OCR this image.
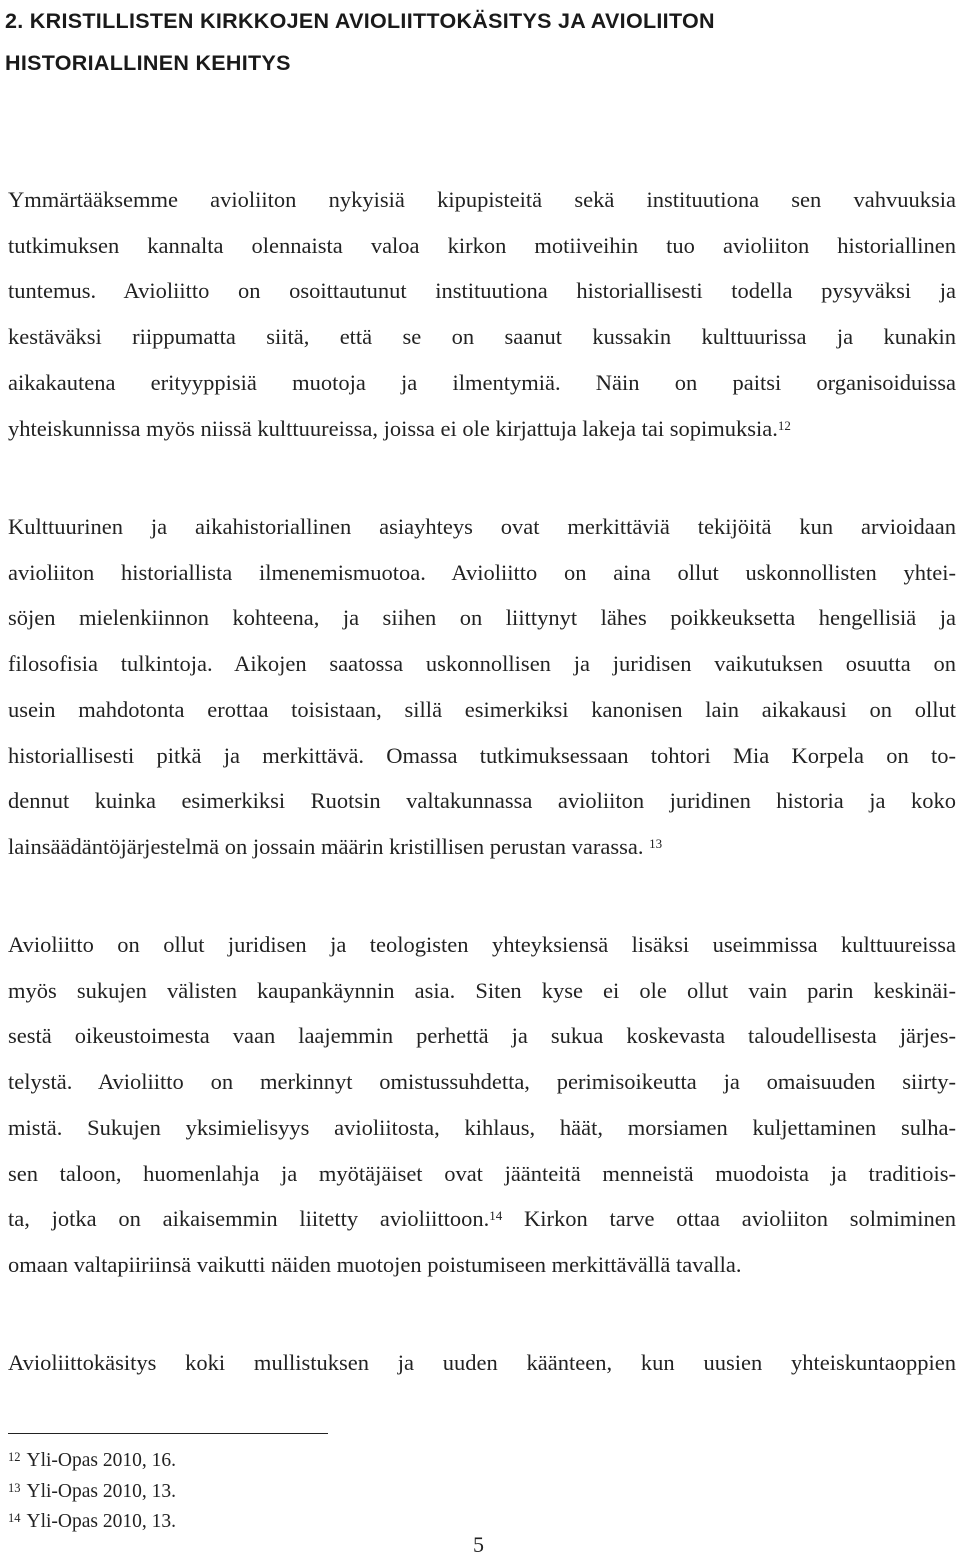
2. KRISTILLISTEN KIRKKOJEN AVIOLIITTOKÄSITYS JA AVIOLIITON
HISTORIALLINEN KEHITYS

Ymmärtääksemme avioliiton nykyisiä kipupisteitä sekä instituutiona sen vahvuuksia
tutkimuksen kannalta olennaista valoa kirkon motiiveihin tuo avioliiton historiallinen
tuntemus. Avioliitto on osoittautunut instituutiona historiallisesti todella pysyväksi ja
kestäväksi riippumatta siitä, että se on saanut kussakin kulttuurissa ja kunakin
aikakautena erityyppisiä muotoja ja ilmentymiä. Näin on paitsi organisoiduissa
yhteiskunnissa myös niissä kulttuureissa, joissa ei ole kirjattuja lakeja tai sopimuksia.$^{12}$

Kulttuurinen ja aikahistoriallinen asiayhteys ovat merkittäviä tekijöitä kun arvioidaan
avioliiton historiallista ilmenemismuotoa. Avioliitto on aina ollut uskonnollisten yhtei-
söjen mielenkiinnon kohteena, ja siihen on liittynyt lähes poikkeuksetta hengellisiä ja
filosofisia tulkintoja. Aikojen saatossa uskonnollisen ja juridisen vaikutuksen osuutta on
usein mahdotonta erottaa toisistaan, sillä esimerkiksi kanonisen lain aikakausi on ollut
historiallisesti pitkä ja merkittävä. Omassa tutkimuksessaan tohtori Mia Korpela on to-
dennut kuinka esimerkiksi Ruotsin valtakunnassa avioliiton juridinen historia ja koko
lainsäädäntöjärjestelmä on jossain määrin kristillisen perustan varassa. $^{13}$

Avioliitto on ollut juridisen ja teologisten yhteyksiensä lisäksi useimmissa kulttuureissa
myös sukujen välisten kaupankäynnin asia. Siten kyse ei ole ollut vain parin keskinäi-
sestä oikeustoimesta vaan laajemmin perhettä ja sukua koskevasta taloudellisesta järjes-
telystä. Avioliitto on merkinnyt omistussuhdetta, perimisoikeutta ja omaisuuden siirty-
mistä. Sukujen yksimielisyys avioliitosta, kihlaus, häät, morsiamen kuljettaminen sulha-
sen taloon, huomenlahja ja myötäjäiset ovat jäänteitä menneistä muodoista ja traditiois-
ta, jotka on aikaisemmin liitetty avioliittoon.$^{14}$ Kirkon tarve ottaa avioliiton solmiminen
omaan valtapiiriinsä vaikutti näiden muotojen poistumiseen merkittävällä tavalla.

Avioliittokäsitys koki mullistuksen ja uuden käänteen, kun uusien yhteiskuntaoppien

$^{12}$ Yli-Opas 2010, 16.
$^{13}$ Yli-Opas 2010, 13.
$^{14}$ Yli-Opas 2010, 13.
5
